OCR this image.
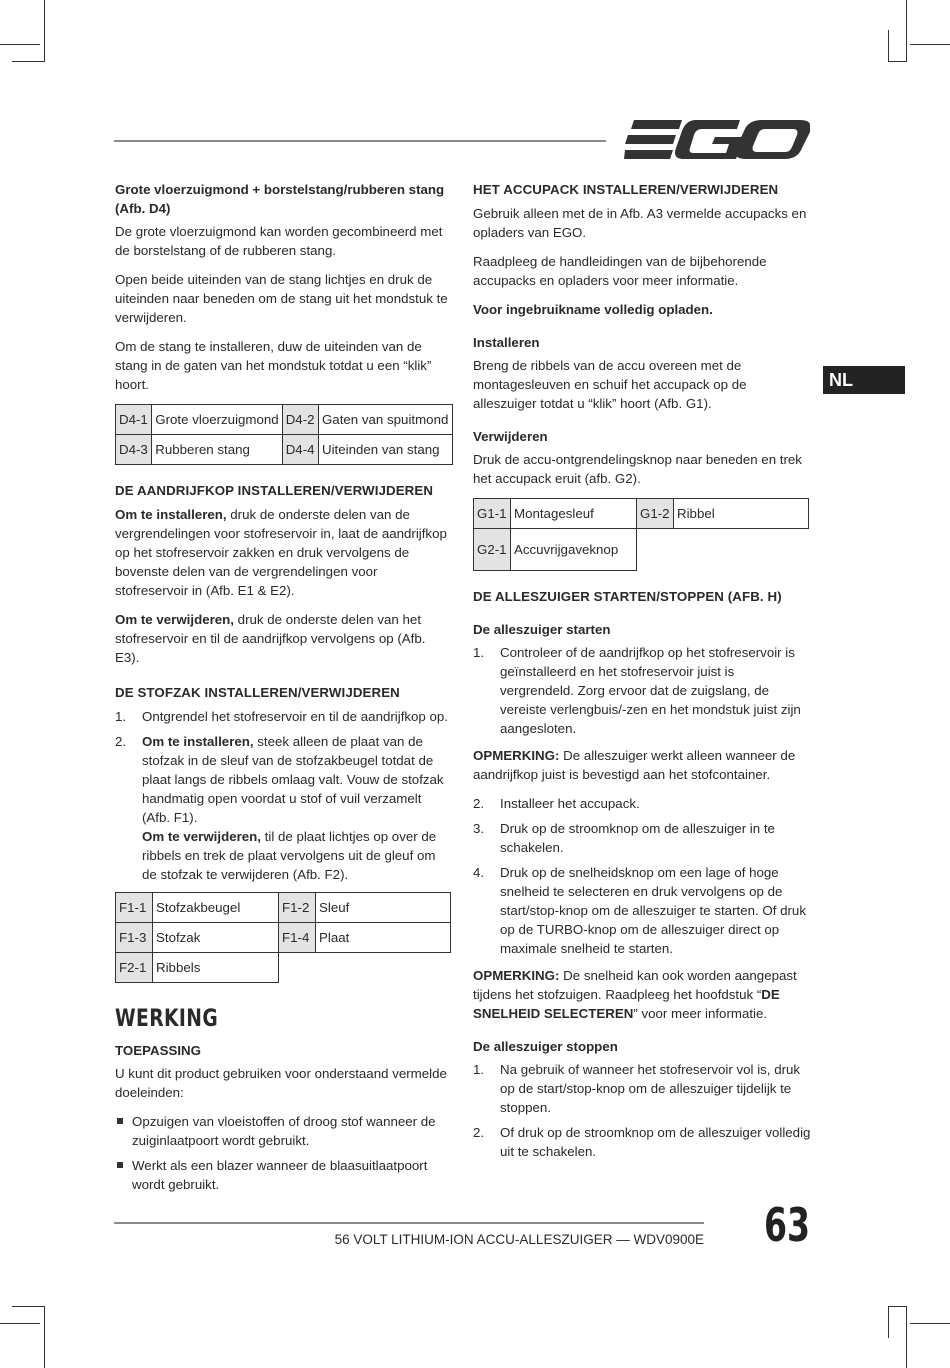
NL
Grote vloerzuigmond + borstelstang/rubberen stang (Afb. D4)

De grote vloerzuigmond kan worden gecombineerd met de borstelstang of de rubberen stang.

Open beide uiteinden van de stang lichtjes en druk de uiteinden naar beneden om de stang uit het mondstuk te verwijderen.

Om de stang te installeren, duw de uiteinden van de stang in de gaten van het mondstuk totdat u een “klik” hoort.

D4-1	Grote vloerzuigmond	D4-2	Gaten van spuitmond
D4-3	Rubberen stang	D4-4	Uiteinden van stang
DE AANDRIJFKOP INSTALLEREN/VERWIJDEREN

Om te installeren, druk de onderste delen van de vergrendelingen voor stofreservoir in, laat de aandrijfkop op het stofreservoir zakken en druk vervolgens de bovenste delen van de vergrendelingen voor stofreservoir in (Afb. E1 & E2).

Om te verwijderen, druk de onderste delen van het stofreservoir en til de aandrijfkop vervolgens op (Afb. E3).

DE STOFZAK INSTALLEREN/VERWIJDEREN
1. Ontgrendel het stofreservoir en til de aandrijfkop op.
2. Om te installeren, steek alleen de plaat van de stofzak in de sleuf van de stofzakbeugel totdat de plaat langs de ribbels omlaag valt. Vouw de stofzak handmatig open voordat u stof of vuil verzamelt (Afb. F1).
Om te verwijderen, til de plaat lichtjes op over de ribbels en trek de plaat vervolgens uit de gleuf om de stofzak te verwijderen (Afb. F2).
F1-1	Stofzakbeugel	F1-2	Sleuf
F1-3	Stofzak	F1-4	Plaat
F2-1	Ribbels		
WERKING
TOEPASSING

U kunt dit product gebruiken voor onderstaand vermelde doeleinden:

Opzuigen van vloeistoffen of droog stof wanneer de zuiginlaatpoort wordt gebruikt.
Werkt als een blazer wanneer de blaasuitlaatpoort wordt gebruikt.
HET ACCUPACK INSTALLEREN/VERWIJDEREN

Gebruik alleen met de in Afb. A3 vermelde accupacks en opladers van EGO.

Raadpleeg de handleidingen van de bijbehorende accupacks en opladers voor meer informatie.

Voor ingebruikname volledig opladen.

Installeren

Breng de ribbels van de accu overeen met de montagesleuven en schuif het accupack op de alleszuiger totdat u “klik” hoort (Afb. G1).

Verwijderen

Druk de accu-ontgrendelingsknop naar beneden en trek het accupack eruit (afb. G2).

G1-1	Montagesleuf	G1-2	Ribbel
G2-1	Accuvrijgaveknop		
DE ALLESZUIGER STARTEN/STOPPEN (AFB. H)
De alleszuiger starten
1. Controleer of de aandrijfkop op het stofreservoir is geïnstalleerd en het stofreservoir juist is vergrendeld. Zorg ervoor dat de zuigslang, de vereiste verlengbuis/-zen en het mondstuk juist zijn aangesloten.

OPMERKING: De alleszuiger werkt alleen wanneer de aandrijfkop juist is bevestigd aan het stofcontainer.

2. Installeer het accupack.
3. Druk op de stroomknop om de alleszuiger in te schakelen.
4. Druk op de snelheidsknop om een lage of hoge snelheid te selecteren en druk vervolgens op de start/stop-knop om de alleszuiger te starten. Of druk op de TURBO-knop om de alleszuiger direct op maximale snelheid te starten.

OPMERKING: De snelheid kan ook worden aangepast tijdens het stofzuigen. Raadpleeg het hoofdstuk “DE SNELHEID SELECTEREN” voor meer informatie.

De alleszuiger stoppen
1. Na gebruik of wanneer het stofreservoir vol is, druk op de start/stop-knop om de alleszuiger tijdelijk te stoppen.
2. Of druk op de stroomknop om de alleszuiger volledig uit te schakelen.
56 VOLT LITHIUM-ION ACCU-ALLESZUIGER — WDV0900E 63
